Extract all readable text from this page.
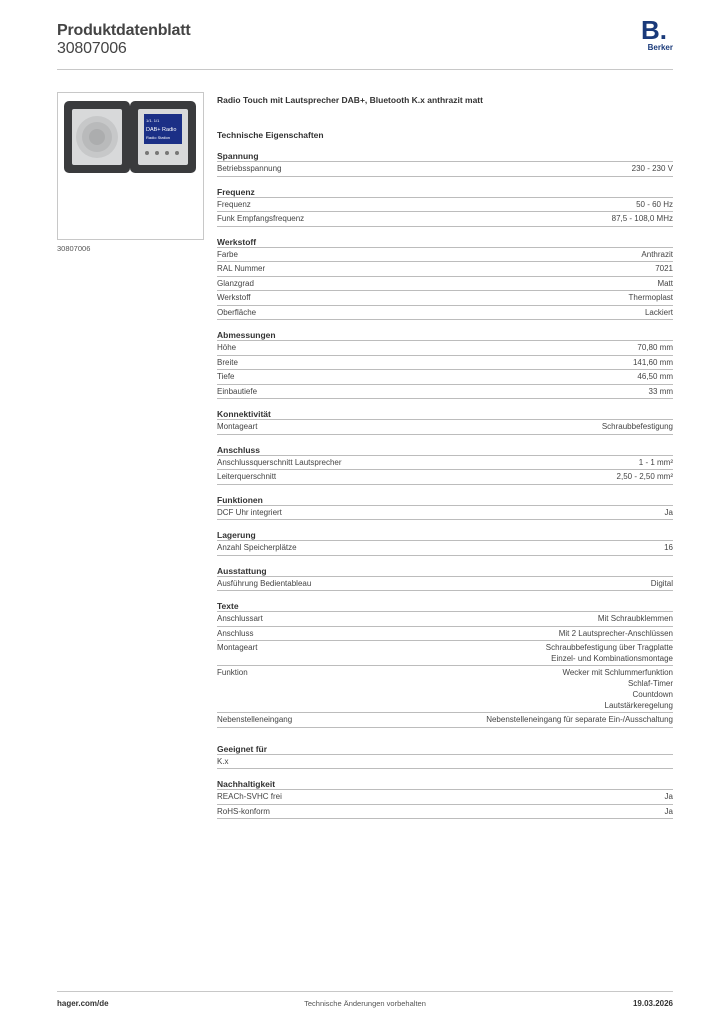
Produktdatenblatt
30807006
B.
Berker
1/1. 1/1
DAB+ Radio
Radio Station
30807006
Radio Touch mit Lautsprecher DAB+, Bluetooth K.x anthrazit matt
Technische Eigenschaften
Spannung
Betriebsspannung	230 - 230 V
Frequenz
Frequenz	50 - 60 Hz
Funk Empfangsfrequenz	87,5 - 108,0 MHz
Werkstoff
Farbe	Anthrazit
RAL Nummer	7021
Glanzgrad	Matt
Werkstoff	Thermoplast
Oberfläche	Lackiert
Abmessungen
Höhe	70,80 mm
Breite	141,60 mm
Tiefe	46,50 mm
Einbautiefe	33 mm
Konnektivität
Montageart	Schraubbefestigung
Anschluss
Anschlussquerschnitt Lautsprecher	1 - 1 mm²
Leiterquerschnitt	2,50 - 2,50 mm²
Funktionen
DCF Uhr integriert	Ja
Lagerung
Anzahl Speicherplätze	16
Ausstattung
Ausführung Bedientableau	Digital
Texte
Anschlussart	Mit Schraubklemmen
Anschluss	Mit 2 Lautsprecher-Anschlüssen
Montageart	Schraubbefestigung über Tragplatte
Einzel- und Kombinationsmontage
Funktion	Wecker mit Schlummerfunktion
Schlaf-Timer
Countdown
Lautstärkeregelung
Nebenstelleneingang	Nebenstelleneingang für separate Ein-/Ausschaltung
Geeignet für
K.x
Nachhaltigkeit
REACh-SVHC frei	Ja
RoHS-konform	Ja
hager.com/de	Technische Änderungen vorbehalten	19.03.2026
